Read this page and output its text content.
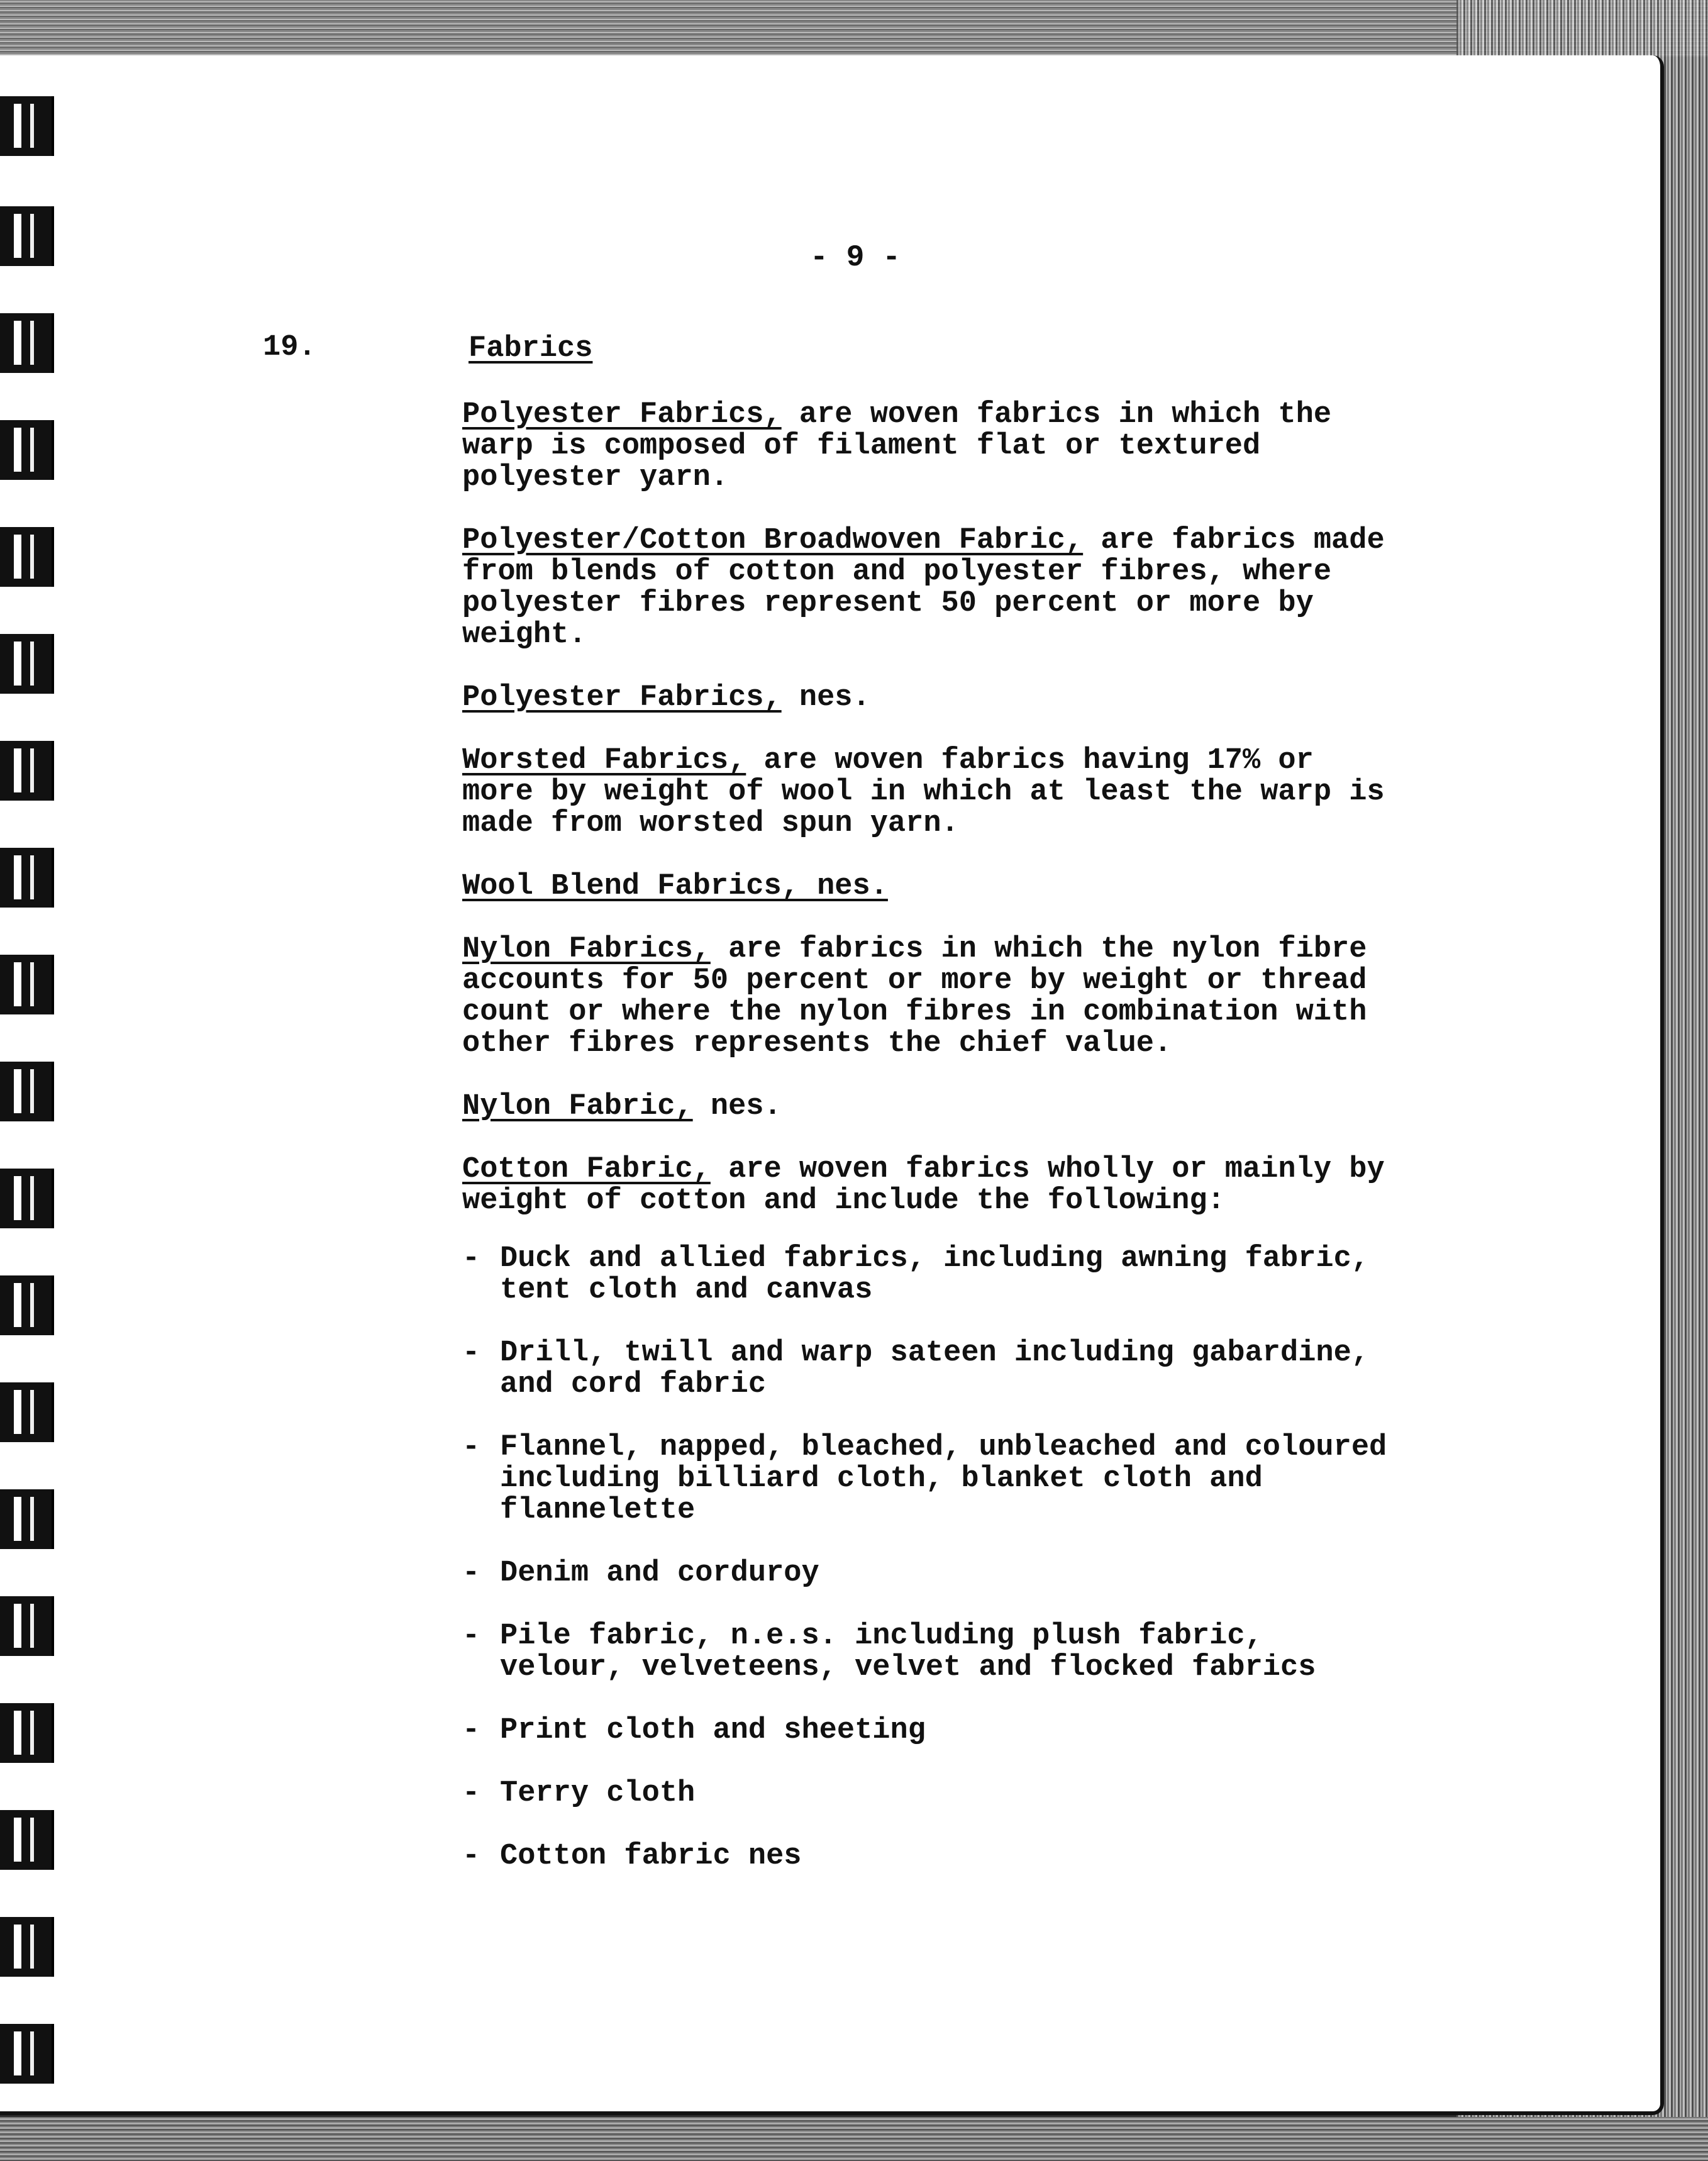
- 9 -
19.	Fabrics

Polyester Fabrics, are woven fabrics in which the
warp is composed of filament flat or textured
polyester yarn.

Polyester/Cotton Broadwoven Fabric, are fabrics made
from blends of cotton and polyester fibres, where
polyester fibres represent 50 percent or more by
weight.

Polyester Fabrics, nes.

Worsted Fabrics, are woven fabrics having 17% or
more by weight of wool in which at least the warp is
made from worsted spun yarn.

Wool Blend Fabrics, nes.

Nylon Fabrics, are fabrics in which the nylon fibre
accounts for 50 percent or more by weight or thread
count or where the nylon fibres in combination with
other fibres represents the chief value.

Nylon Fabric, nes.

Cotton Fabric, are woven fabrics wholly or mainly by
weight of cotton and include the following:

- Duck and allied fabrics, including awning fabric,
tent cloth and canvas
- Drill, twill and warp sateen including gabardine,
and cord fabric
- Flannel, napped, bleached, unbleached and coloured
including billiard cloth, blanket cloth and
flannelette
- Denim and corduroy
- Pile fabric, n.e.s. including plush fabric,
velour, velveteens, velvet and flocked fabrics
- Print cloth and sheeting
- Terry cloth
- Cotton fabric nes
